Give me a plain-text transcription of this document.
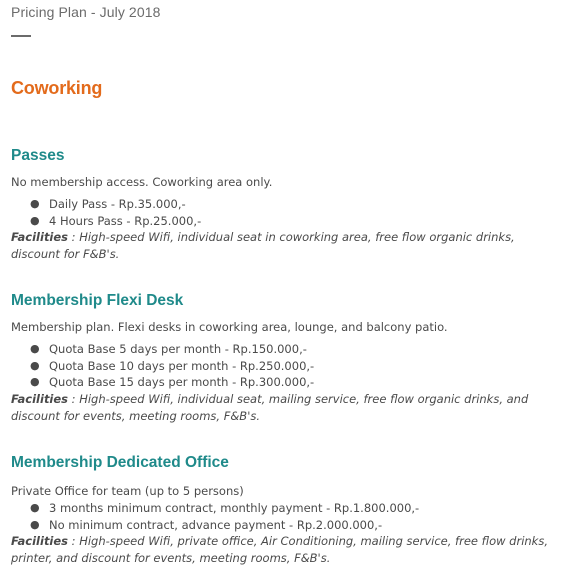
Pricing Plan - July 2018
Coworking
Passes
No membership access. Coworking area only.
● Daily Pass - Rp.35.000,-
● 4 Hours Pass - Rp.25.000,-
Facilities : High-speed Wifi, individual seat in coworking area, free flow organic drinks, discount for F&B's.
Membership Flexi Desk
Membership plan. Flexi desks in coworking area, lounge, and balcony patio.
● Quota Base 5 days per month - Rp.150.000,-
● Quota Base 10 days per month - Rp.250.000,-
● Quota Base 15 days per month - Rp.300.000,-
Facilities : High-speed Wifi, individual seat, mailing service, free flow organic drinks, and discount for events, meeting rooms, F&B's.
Membership Dedicated Office
Private Office for team (up to 5 persons)
● 3 months minimum contract, monthly payment - Rp.1.800.000,-
● No minimum contract, advance payment - Rp.2.000.000,-
Facilities : High-speed Wifi, private office, Air Conditioning, mailing service, free flow drinks, printer, and discount for events, meeting rooms, F&B's.
